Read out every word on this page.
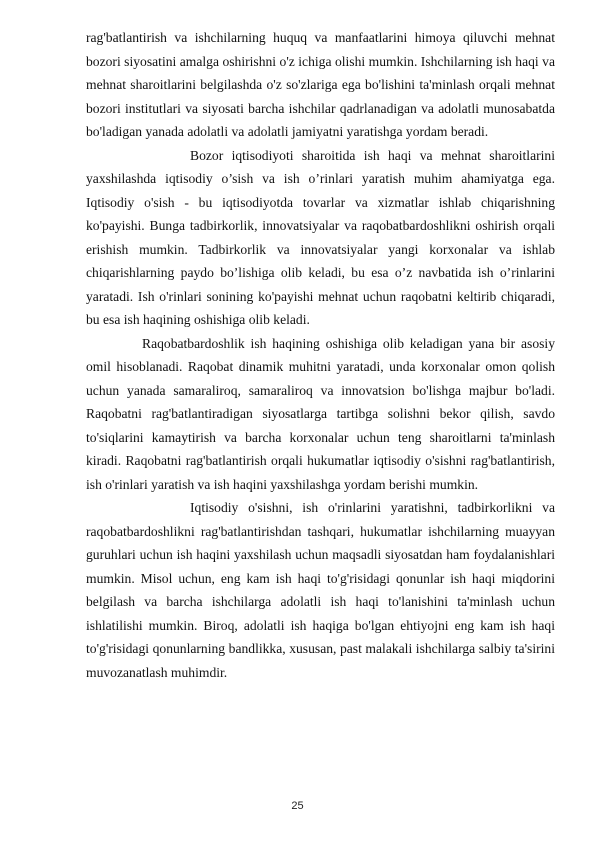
rag'batlantirish va ishchilarning huquq va manfaatlarini himoya qiluvchi mehnat bozori siyosatini amalga oshirishni o'z ichiga olishi mumkin. Ishchilarning ish haqi va mehnat sharoitlarini belgilashda o'z so'zlariga ega bo'lishini ta'minlash orqali mehnat bozori institutlari va siyosati barcha ishchilar qadrlanadigan va adolatli munosabatda bo'ladigan yanada adolatli va adolatli jamiyatni yaratishga yordam beradi.

Bozor iqtisodiyoti sharoitida ish haqi va mehnat sharoitlarini yaxshilashda iqtisodiy o’sish va ish o’rinlari yaratish muhim ahamiyatga ega. Iqtisodiy o'sish - bu iqtisodiyotda tovarlar va xizmatlar ishlab chiqarishning ko'payishi. Bunga tadbirkorlik, innovatsiyalar va raqobatbardoshlikni oshirish orqali erishish mumkin. Tadbirkorlik va innovatsiyalar yangi korxonalar va ishlab chiqarishlarning paydo bo’lishiga olib keladi, bu esa o’z navbatida ish o’rinlarini yaratadi. Ish o'rinlari sonining ko'payishi mehnat uchun raqobatni keltirib chiqaradi, bu esa ish haqining oshishiga olib keladi.

Raqobatbardoshlik ish haqining oshishiga olib keladigan yana bir asosiy omil hisoblanadi. Raqobat dinamik muhitni yaratadi, unda korxonalar omon qolish uchun yanada samaraliroq, samaraliroq va innovatsion bo'lishga majbur bo'ladi. Raqobatni rag'batlantiradigan siyosatlarga tartibga solishni bekor qilish, savdo to'siqlarini kamaytirish va barcha korxonalar uchun teng sharoitlarni ta'minlash kiradi. Raqobatni rag'batlantirish orqali hukumatlar iqtisodiy o'sishni rag'batlantirish, ish o'rinlari yaratish va ish haqini yaxshilashga yordam berishi mumkin.

Iqtisodiy o'sishni, ish o'rinlarini yaratishni, tadbirkorlikni va raqobatbardoshlikni rag'batlantirishdan tashqari, hukumatlar ishchilarning muayyan guruhlari uchun ish haqini yaxshilash uchun maqsadli siyosatdan ham foydalanishlari mumkin. Misol uchun, eng kam ish haqi to'g'risidagi qonunlar ish haqi miqdorini belgilash va barcha ishchilarga adolatli ish haqi to'lanishini ta'minlash uchun ishlatilishi mumkin. Biroq, adolatli ish haqiga bo'lgan ehtiyojni eng kam ish haqi to'g'risidagi qonunlarning bandlikka, xususan, past malakali ishchilarga salbiy ta'sirini muvozanatlash muhimdir.

25
